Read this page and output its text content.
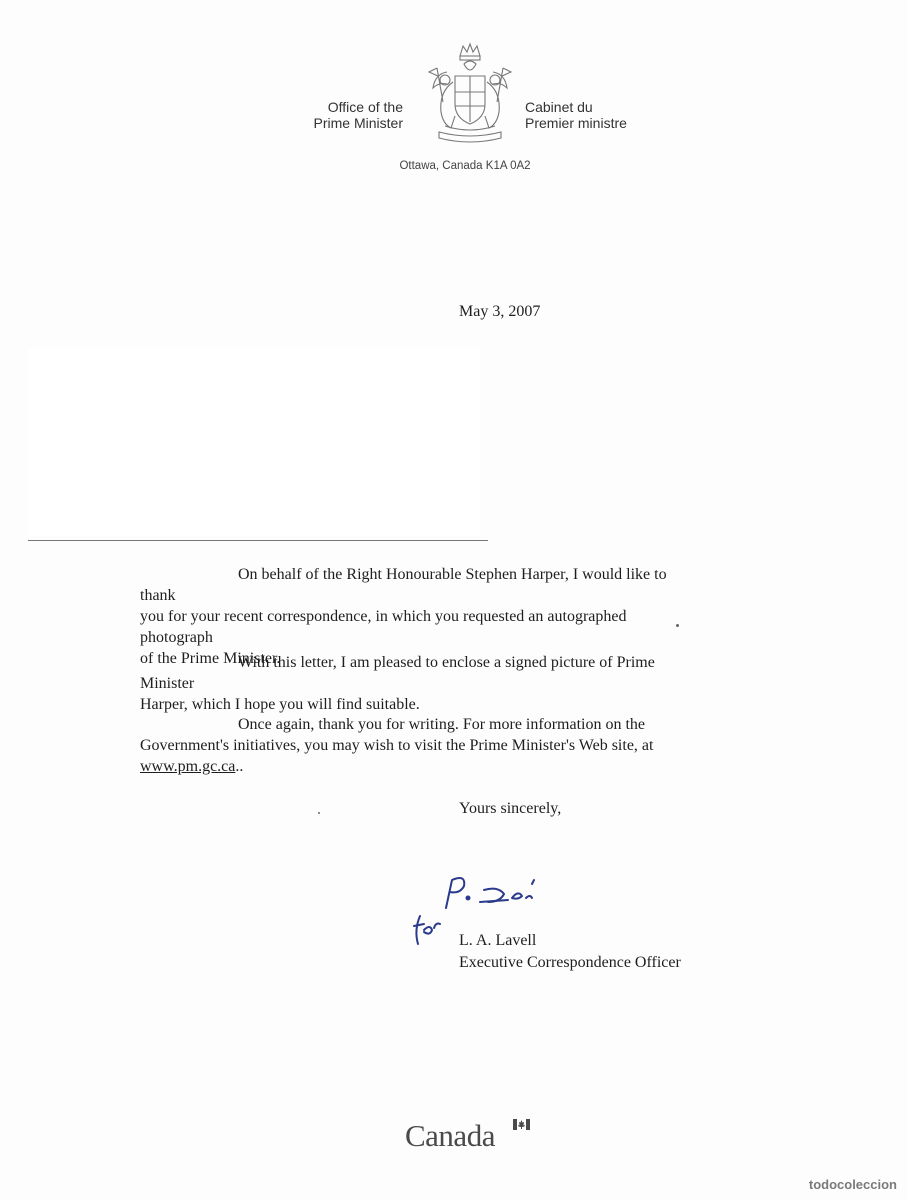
Office of the
Prime Minister
Cabinet du
Premier ministre
Ottawa, Canada K1A 0A2
May 3, 2007

On behalf of the Right Honourable Stephen Harper, I would like to thank

you for your recent correspondence, in which you requested an autographed photograph

of the Prime Minister.

With this letter, I am pleased to enclose a signed picture of Prime Minister

Harper, which I hope you will find suitable.

Once again, thank you for writing. For more information on the

Government's initiatives, you may wish to visit the Prime Minister's Web site, at

www.pm.gc.ca..

Yours sincerely,
L. A. Lavell
Executive Correspondence Officer
Canada
todocoleccion
